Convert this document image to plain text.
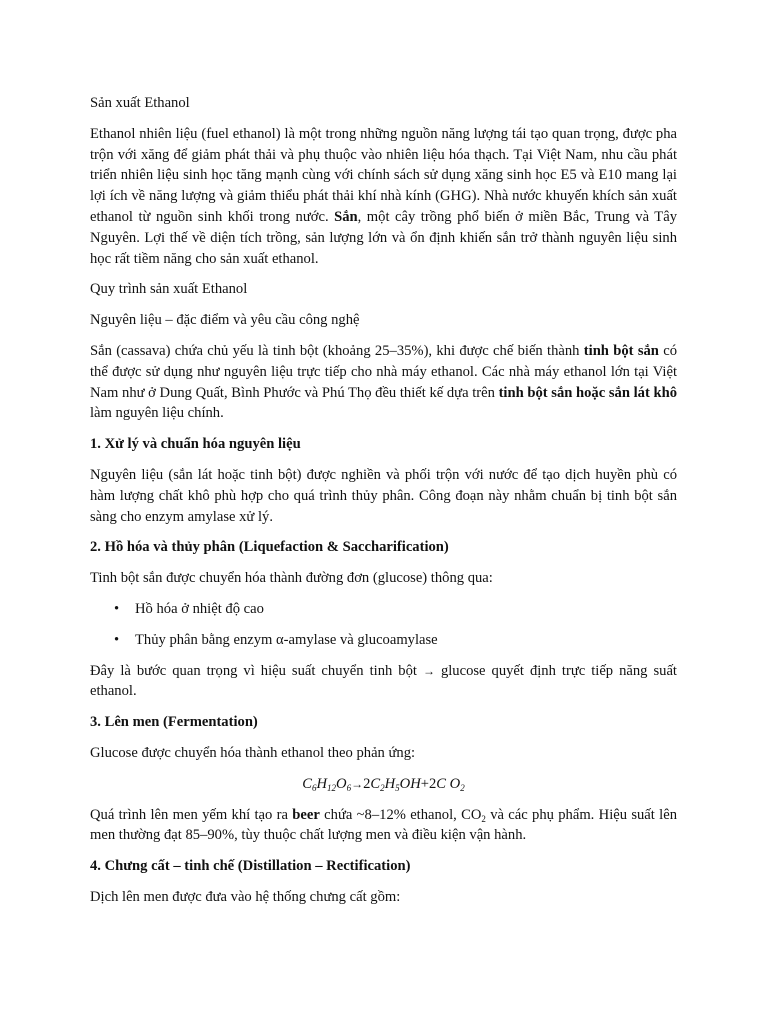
Sản xuất Ethanol

Ethanol nhiên liệu (fuel ethanol) là một trong những nguồn năng lượng tái tạo quan trọng, được pha trộn với xăng để giảm phát thải và phụ thuộc vào nhiên liệu hóa thạch. Tại Việt Nam, nhu cầu phát triển nhiên liệu sinh học tăng mạnh cùng với chính sách sử dụng xăng sinh học E5 và E10 mang lại lợi ích về năng lượng và giảm thiểu phát thải khí nhà kính (GHG). Nhà nước khuyến khích sản xuất ethanol từ nguồn sinh khối trong nước. Sắn, một cây trồng phổ biến ở miền Bắc, Trung và Tây Nguyên. Lợi thế về diện tích trồng, sản lượng lớn và ổn định khiến sắn trở thành nguyên liệu sinh học rất tiềm năng cho sản xuất ethanol.

Quy trình sản xuất Ethanol

Nguyên liệu – đặc điểm và yêu cầu công nghệ

Sắn (cassava) chứa chủ yếu là tinh bột (khoảng 25–35%), khi được chế biến thành tinh bột sắn có thể được sử dụng như nguyên liệu trực tiếp cho nhà máy ethanol. Các nhà máy ethanol lớn tại Việt Nam như ở Dung Quất, Bình Phước và Phú Thọ đều thiết kế dựa trên tinh bột sắn hoặc sắn lát khô làm nguyên liệu chính.

1. Xử lý và chuẩn hóa nguyên liệu

Nguyên liệu (sắn lát hoặc tinh bột) được nghiền và phối trộn với nước để tạo dịch huyền phù có hàm lượng chất khô phù hợp cho quá trình thủy phân. Công đoạn này nhằm chuẩn bị tinh bột sắn sàng cho enzym amylase xử lý.

2. Hồ hóa và thủy phân (Liquefaction & Saccharification)

Tinh bột sắn được chuyển hóa thành đường đơn (glucose) thông qua:

• Hồ hóa ở nhiệt độ cao
• Thủy phân bằng enzym α-amylase và glucoamylase

Đây là bước quan trọng vì hiệu suất chuyển tinh bột → glucose quyết định trực tiếp năng suất ethanol.

3. Lên men (Fermentation)

Glucose được chuyển hóa thành ethanol theo phản ứng:

$C_6H_{12}O_6\to 2C_2H_5OH+2C$ $O_2$

Quá trình lên men yếm khí tạo ra beer chứa ~8–12% ethanol, $CO_2$ và các phụ phẩm. Hiệu suất lên men thường đạt 85–90%, tùy thuộc chất lượng men và điều kiện vận hành.

4. Chưng cất – tinh chế (Distillation – Rectification)

Dịch lên men được đưa vào hệ thống chưng cất gồm:
